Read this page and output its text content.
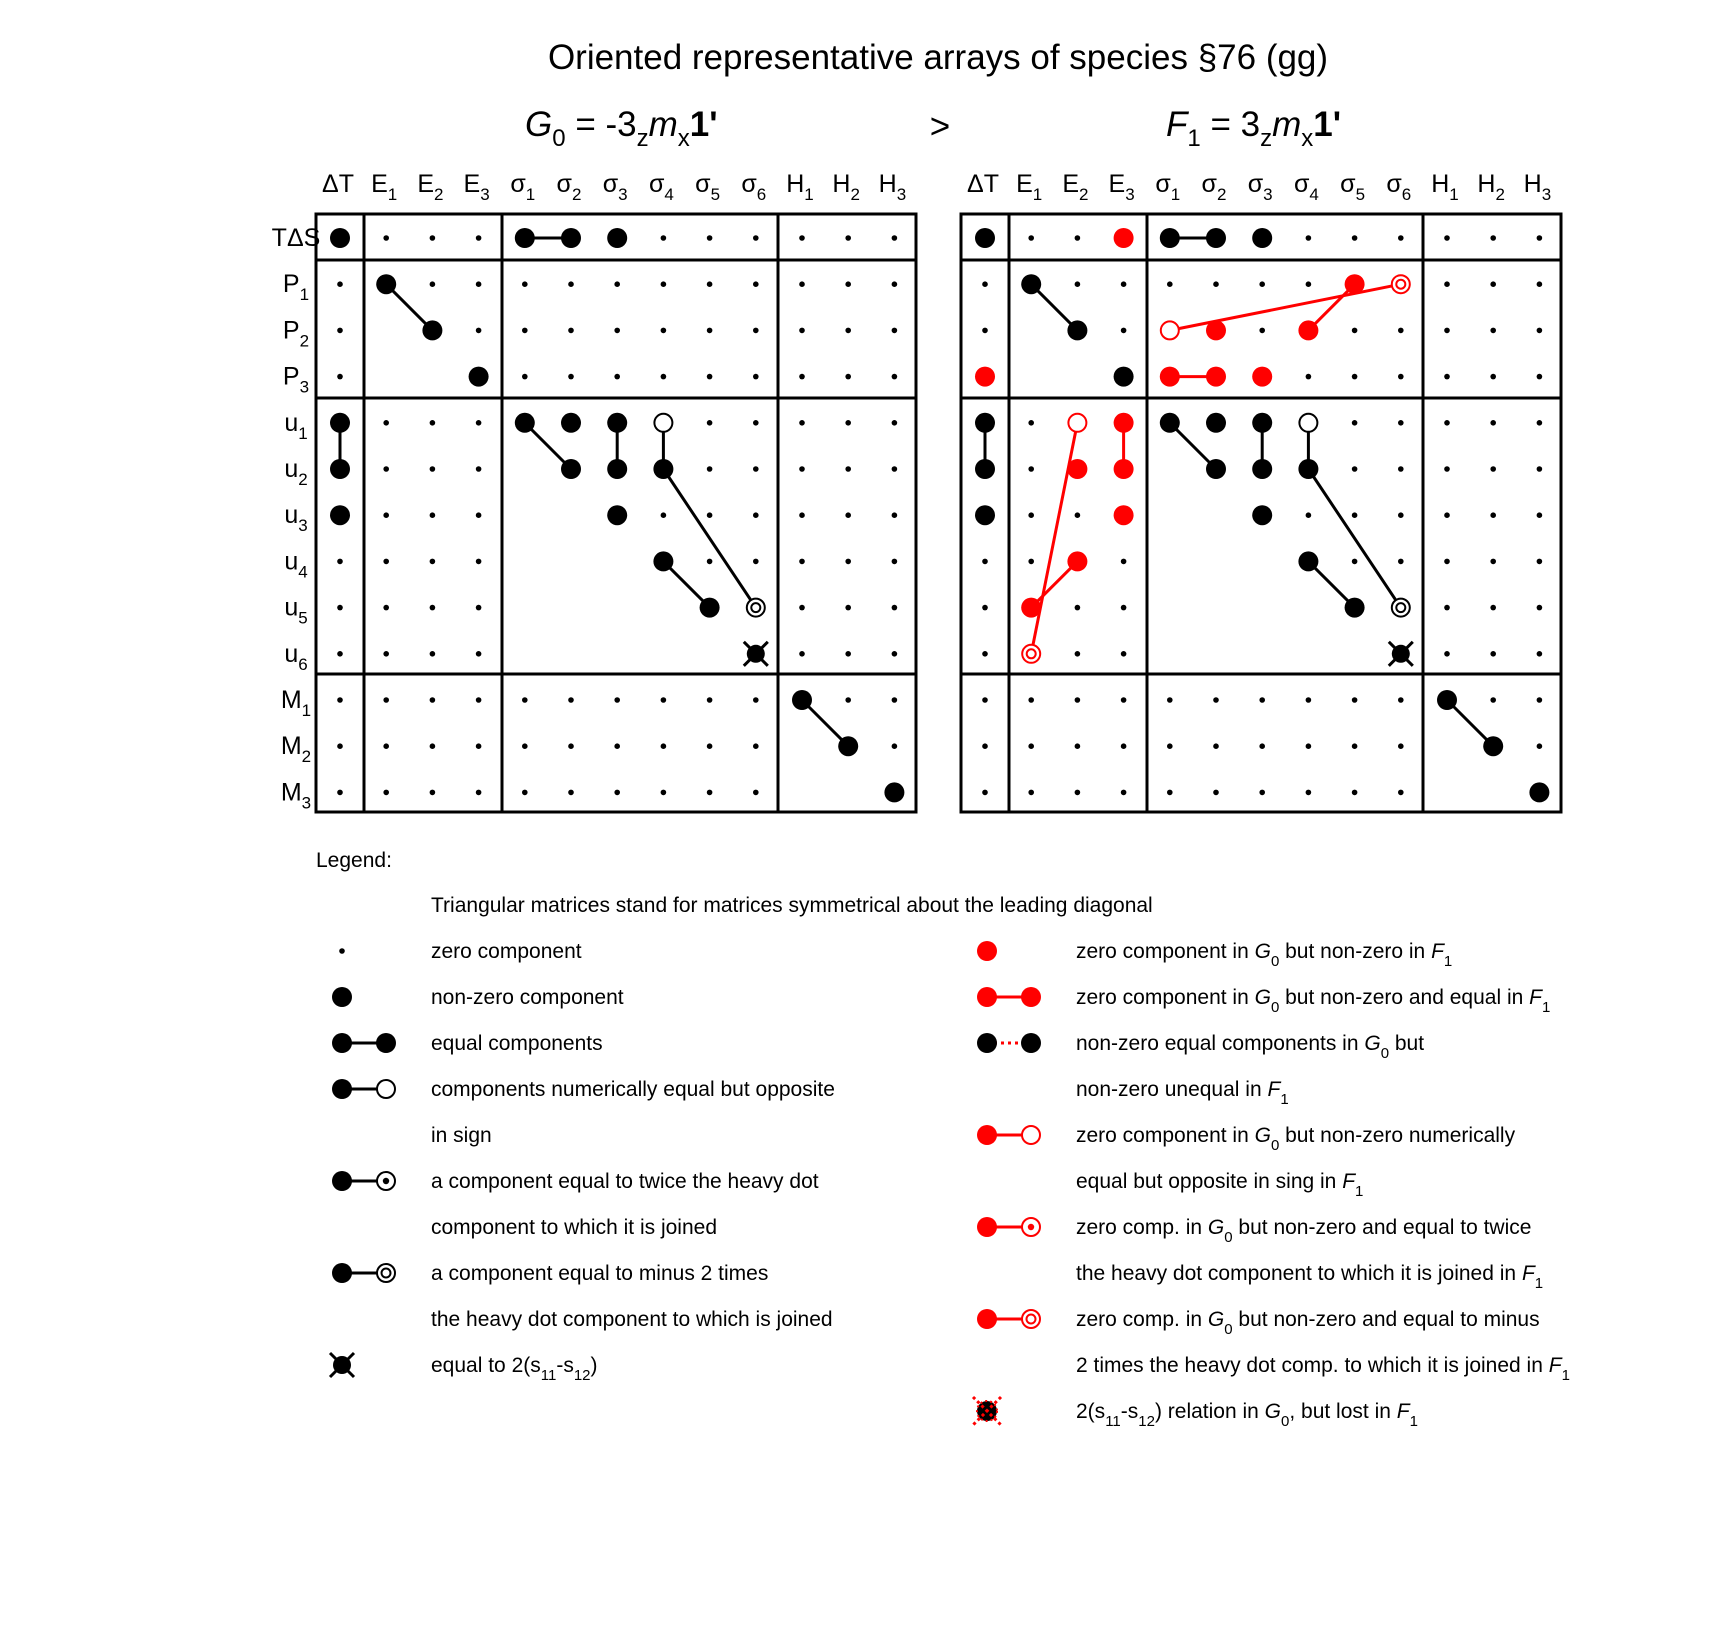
Oriented representative arrays of species §76 (gg)
$G_0 = -3_zm_x1'$	>	$F_1 = 3_zm_x1'$
ΔT $E_1$ $E_2$ $E_3$ $\sigma_1$ $\sigma_2$ $\sigma_3$ $\sigma_4$ $\sigma_5$ $\sigma_6$ $H_1$ $H_2$ $H_3$
TΔS
$P_1$
$P_2$
$P_3$
$u_1$
$u_2$
$u_3$
$u_4$
$u_5$
$u_6$
$M_1$
$M_2$
$M_3$
ΔT $E_1$ $E_2$ $E_3$ $\sigma_1$ $\sigma_2$ $\sigma_3$ $\sigma_4$ $\sigma_5$ $\sigma_6$ $H_1$ $H_2$ $H_3$
Legend:
Triangular matrices stand for matrices symmetrical about the leading diagonal
zero component
non-zero component
equal components
components numerically equal but opposite
in sign
a component equal to twice the heavy dot
component to which it is joined
a component equal to minus 2 times
the heavy dot component to which is joined
equal to $2(s_{11}-s_{12})$
zero component in $G_0$ but non-zero in $F_1$
zero component in $G_0$ but non-zero and equal in $F_1$
non-zero equal components in $G_0$ but
non-zero unequal in $F_1$
zero component in $G_0$ but non-zero numerically
equal but opposite in sing in $F_1$
zero comp. in $G_0$ but non-zero and equal to twice
the heavy dot component to which it is joined in $F_1$
zero comp. in $G_0$ but non-zero and equal to minus
2 times the heavy dot comp. to which it is joined in $F_1$
$2(s_{11}-s_{12})$ relation in $G_0$, but lost in $F_1$
